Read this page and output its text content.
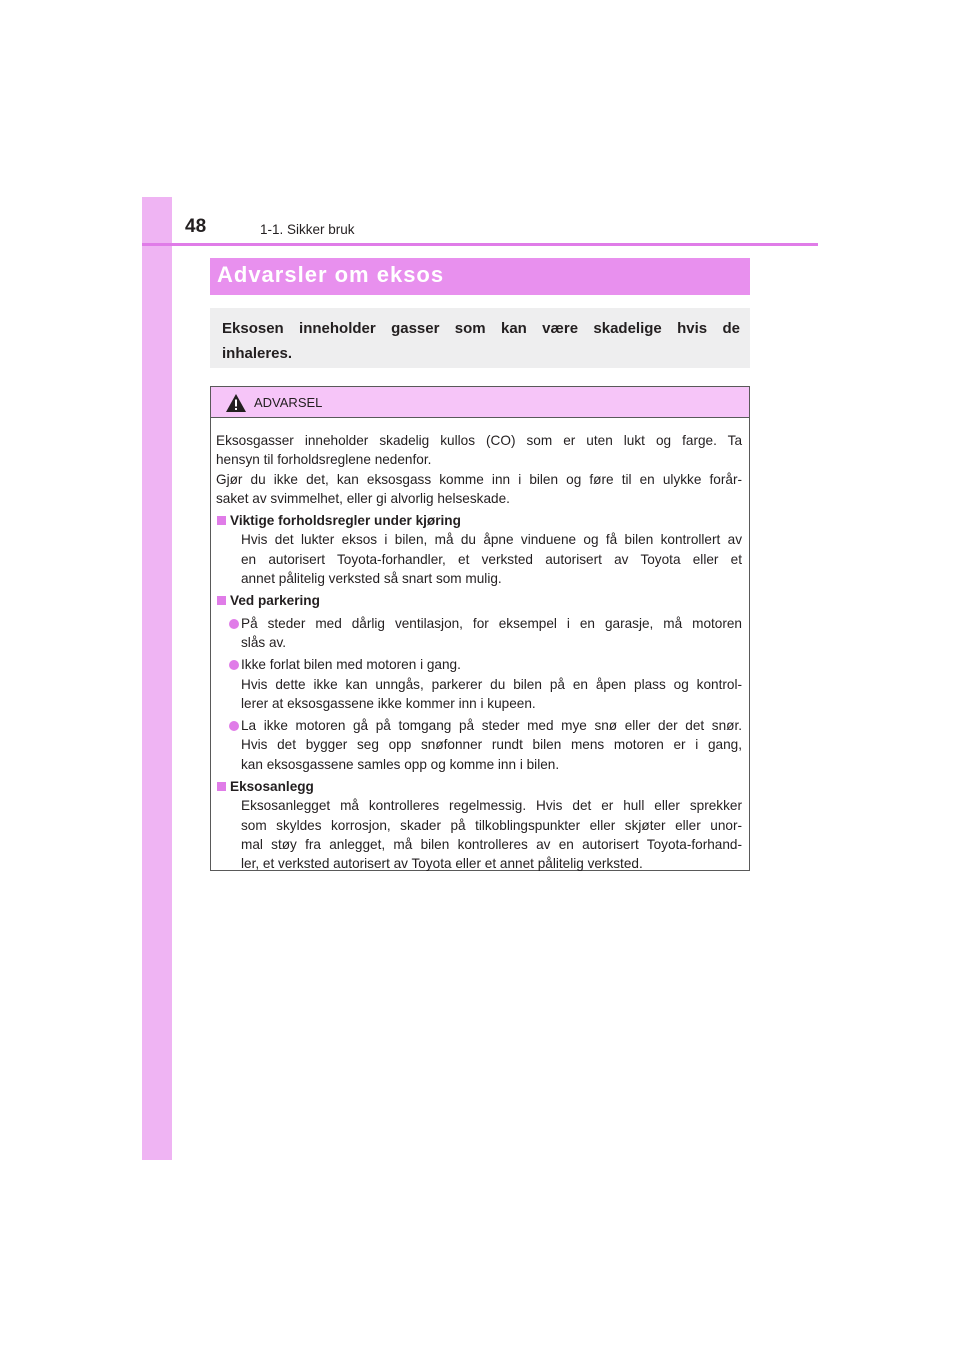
48	1-1. Sikker bruk
Advarsler om eksos
Eksosen inneholder gasser som kan være skadelige hvis de
inhaleres.
ADVARSEL
Eksosgasser inneholder skadelig kullos (CO) som er uten lukt og farge. Ta
hensyn til forholdsreglene nedenfor.
Gjør du ikke det, kan eksosgass komme inn i bilen og føre til en ulykke forår-
saket av svimmelhet, eller gi alvorlig helseskade.
Viktige forholdsregler under kjøring
Hvis det lukter eksos i bilen, må du åpne vinduene og få bilen kontrollert av
en autorisert Toyota-forhandler, et verksted autorisert av Toyota eller et
annet pålitelig verksted så snart som mulig.
Ved parkering
På steder med dårlig ventilasjon, for eksempel i en garasje, må motoren
slås av.
Ikke forlat bilen med motoren i gang.
Hvis dette ikke kan unngås, parkerer du bilen på en åpen plass og kontrol-
lerer at eksosgassene ikke kommer inn i kupeen.
La ikke motoren gå på tomgang på steder med mye snø eller der det snør.
Hvis det bygger seg opp snøfonner rundt bilen mens motoren er i gang,
kan eksosgassene samles opp og komme inn i bilen.
Eksosanlegg
Eksosanlegget må kontrolleres regelmessig. Hvis det er hull eller sprekker
som skyldes korrosjon, skader på tilkoblingspunkter eller skjøter eller unor-
mal støy fra anlegget, må bilen kontrolleres av en autorisert Toyota-forhand-
ler, et verksted autorisert av Toyota eller et annet pålitelig verksted.
